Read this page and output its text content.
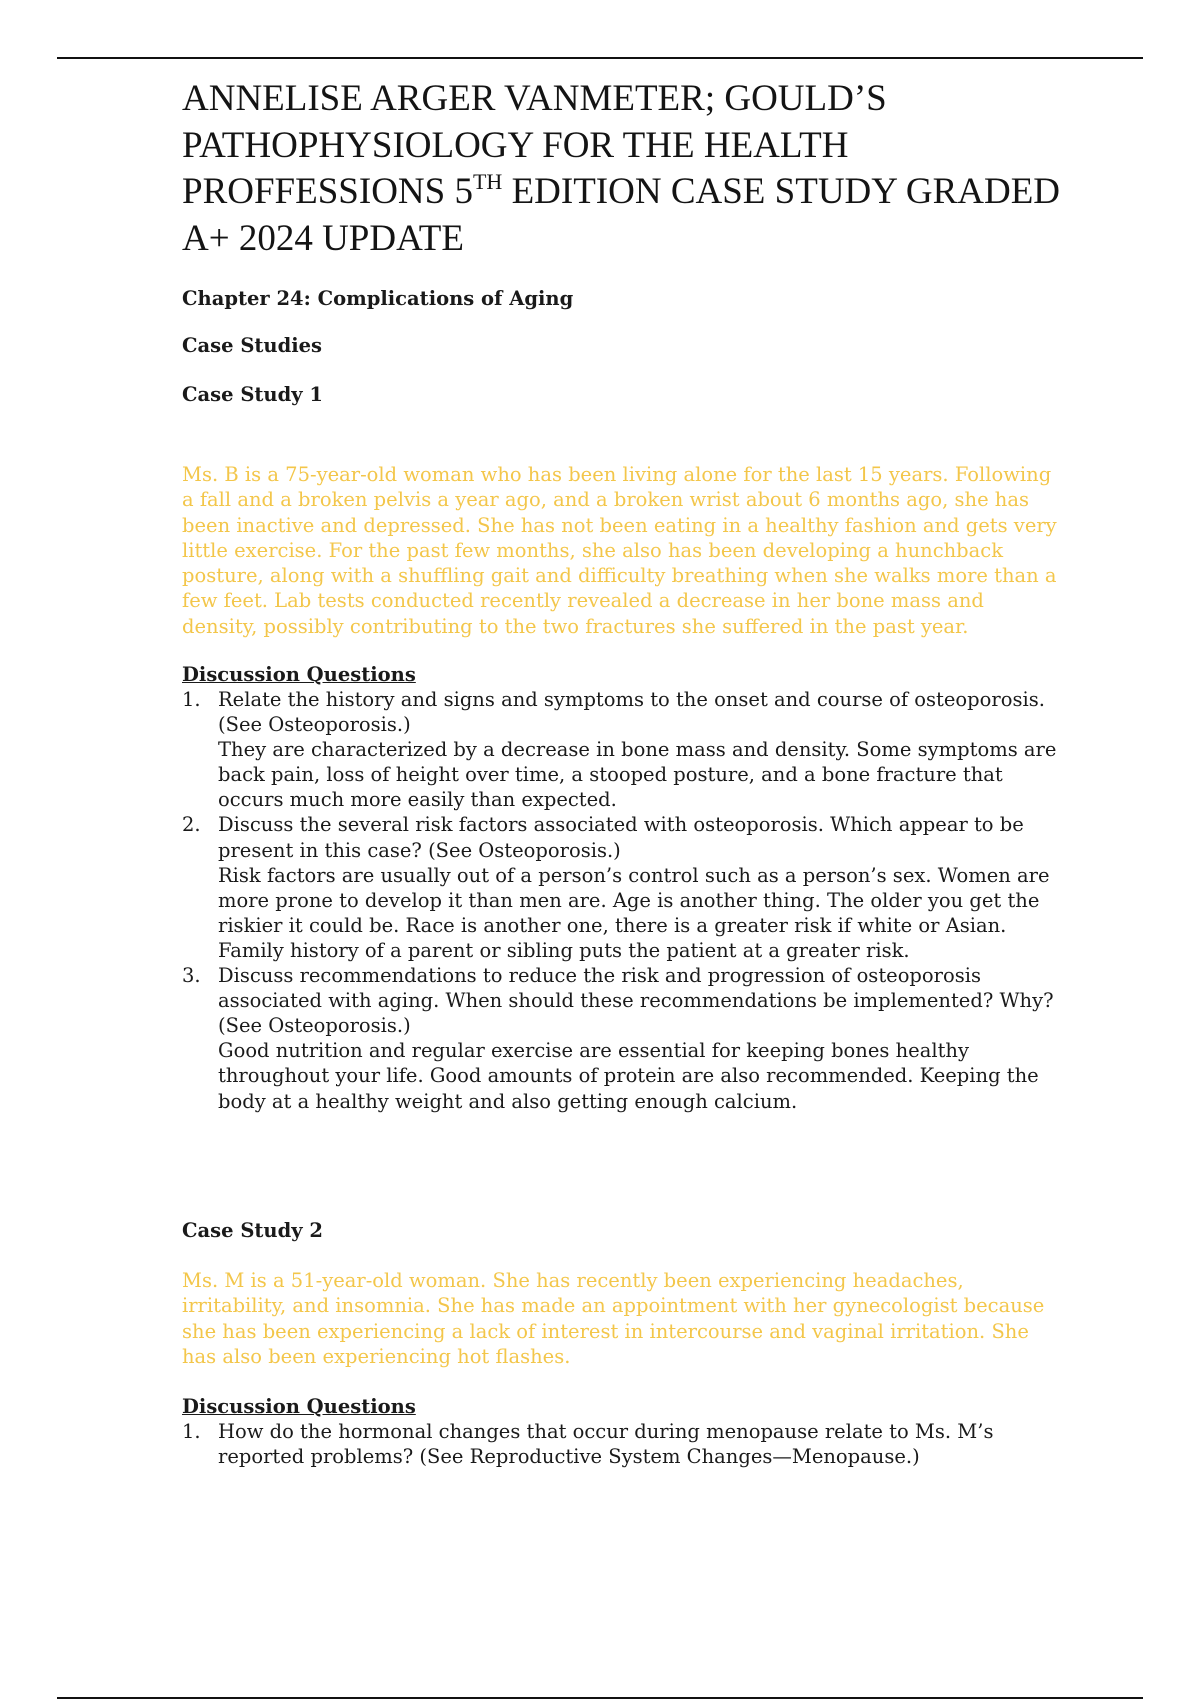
ANNELISE ARGER VANMETER; GOULD’S PATHOPHYSIOLOGY FOR THE HEALTH PROFFESSIONS 5TH EDITION CASE STUDY GRADED A+ 2024 UPDATE

Chapter 24: Complications of Aging

Case Studies

Case Study 1

Ms. B is a 75-year-old woman who has been living alone for the last 15 years. Following a fall and a broken pelvis a year ago, and a broken wrist about 6 months ago, she has been inactive and depressed. She has not been eating in a healthy fashion and gets very little exercise. For the past few months, she also has been developing a hunchback posture, along with a shuffling gait and difficulty breathing when she walks more than a few feet. Lab tests conducted recently revealed a decrease in her bone mass and density, possibly contributing to the two fractures she suffered in the past year.

Discussion Questions

1. Relate the history and signs and symptoms to the onset and course of osteoporosis. (See Osteoporosis.)
They are characterized by a decrease in bone mass and density. Some symptoms are back pain, loss of height over time, a stooped posture, and a bone fracture that occurs much more easily than expected.
2. Discuss the several risk factors associated with osteoporosis. Which appear to be present in this case? (See Osteoporosis.)
Risk factors are usually out of a person’s control such as a person’s sex. Women are more prone to develop it than men are. Age is another thing. The older you get the riskier it could be. Race is another one, there is a greater risk if white or Asian. Family history of a parent or sibling puts the patient at a greater risk.
3. Discuss recommendations to reduce the risk and progression of osteoporosis associated with aging. When should these recommendations be implemented? Why? (See Osteoporosis.)
Good nutrition and regular exercise are essential for keeping bones healthy throughout your life. Good amounts of protein are also recommended. Keeping the body at a healthy weight and also getting enough calcium.

Case Study 2

Ms. M is a 51-year-old woman. She has recently been experiencing headaches, irritability, and insomnia. She has made an appointment with her gynecologist because she has been experiencing a lack of interest in intercourse and vaginal irritation. She has also been experiencing hot flashes.

Discussion Questions

1. How do the hormonal changes that occur during menopause relate to Ms. M’s reported problems? (See Reproductive System Changes—Menopause.)
